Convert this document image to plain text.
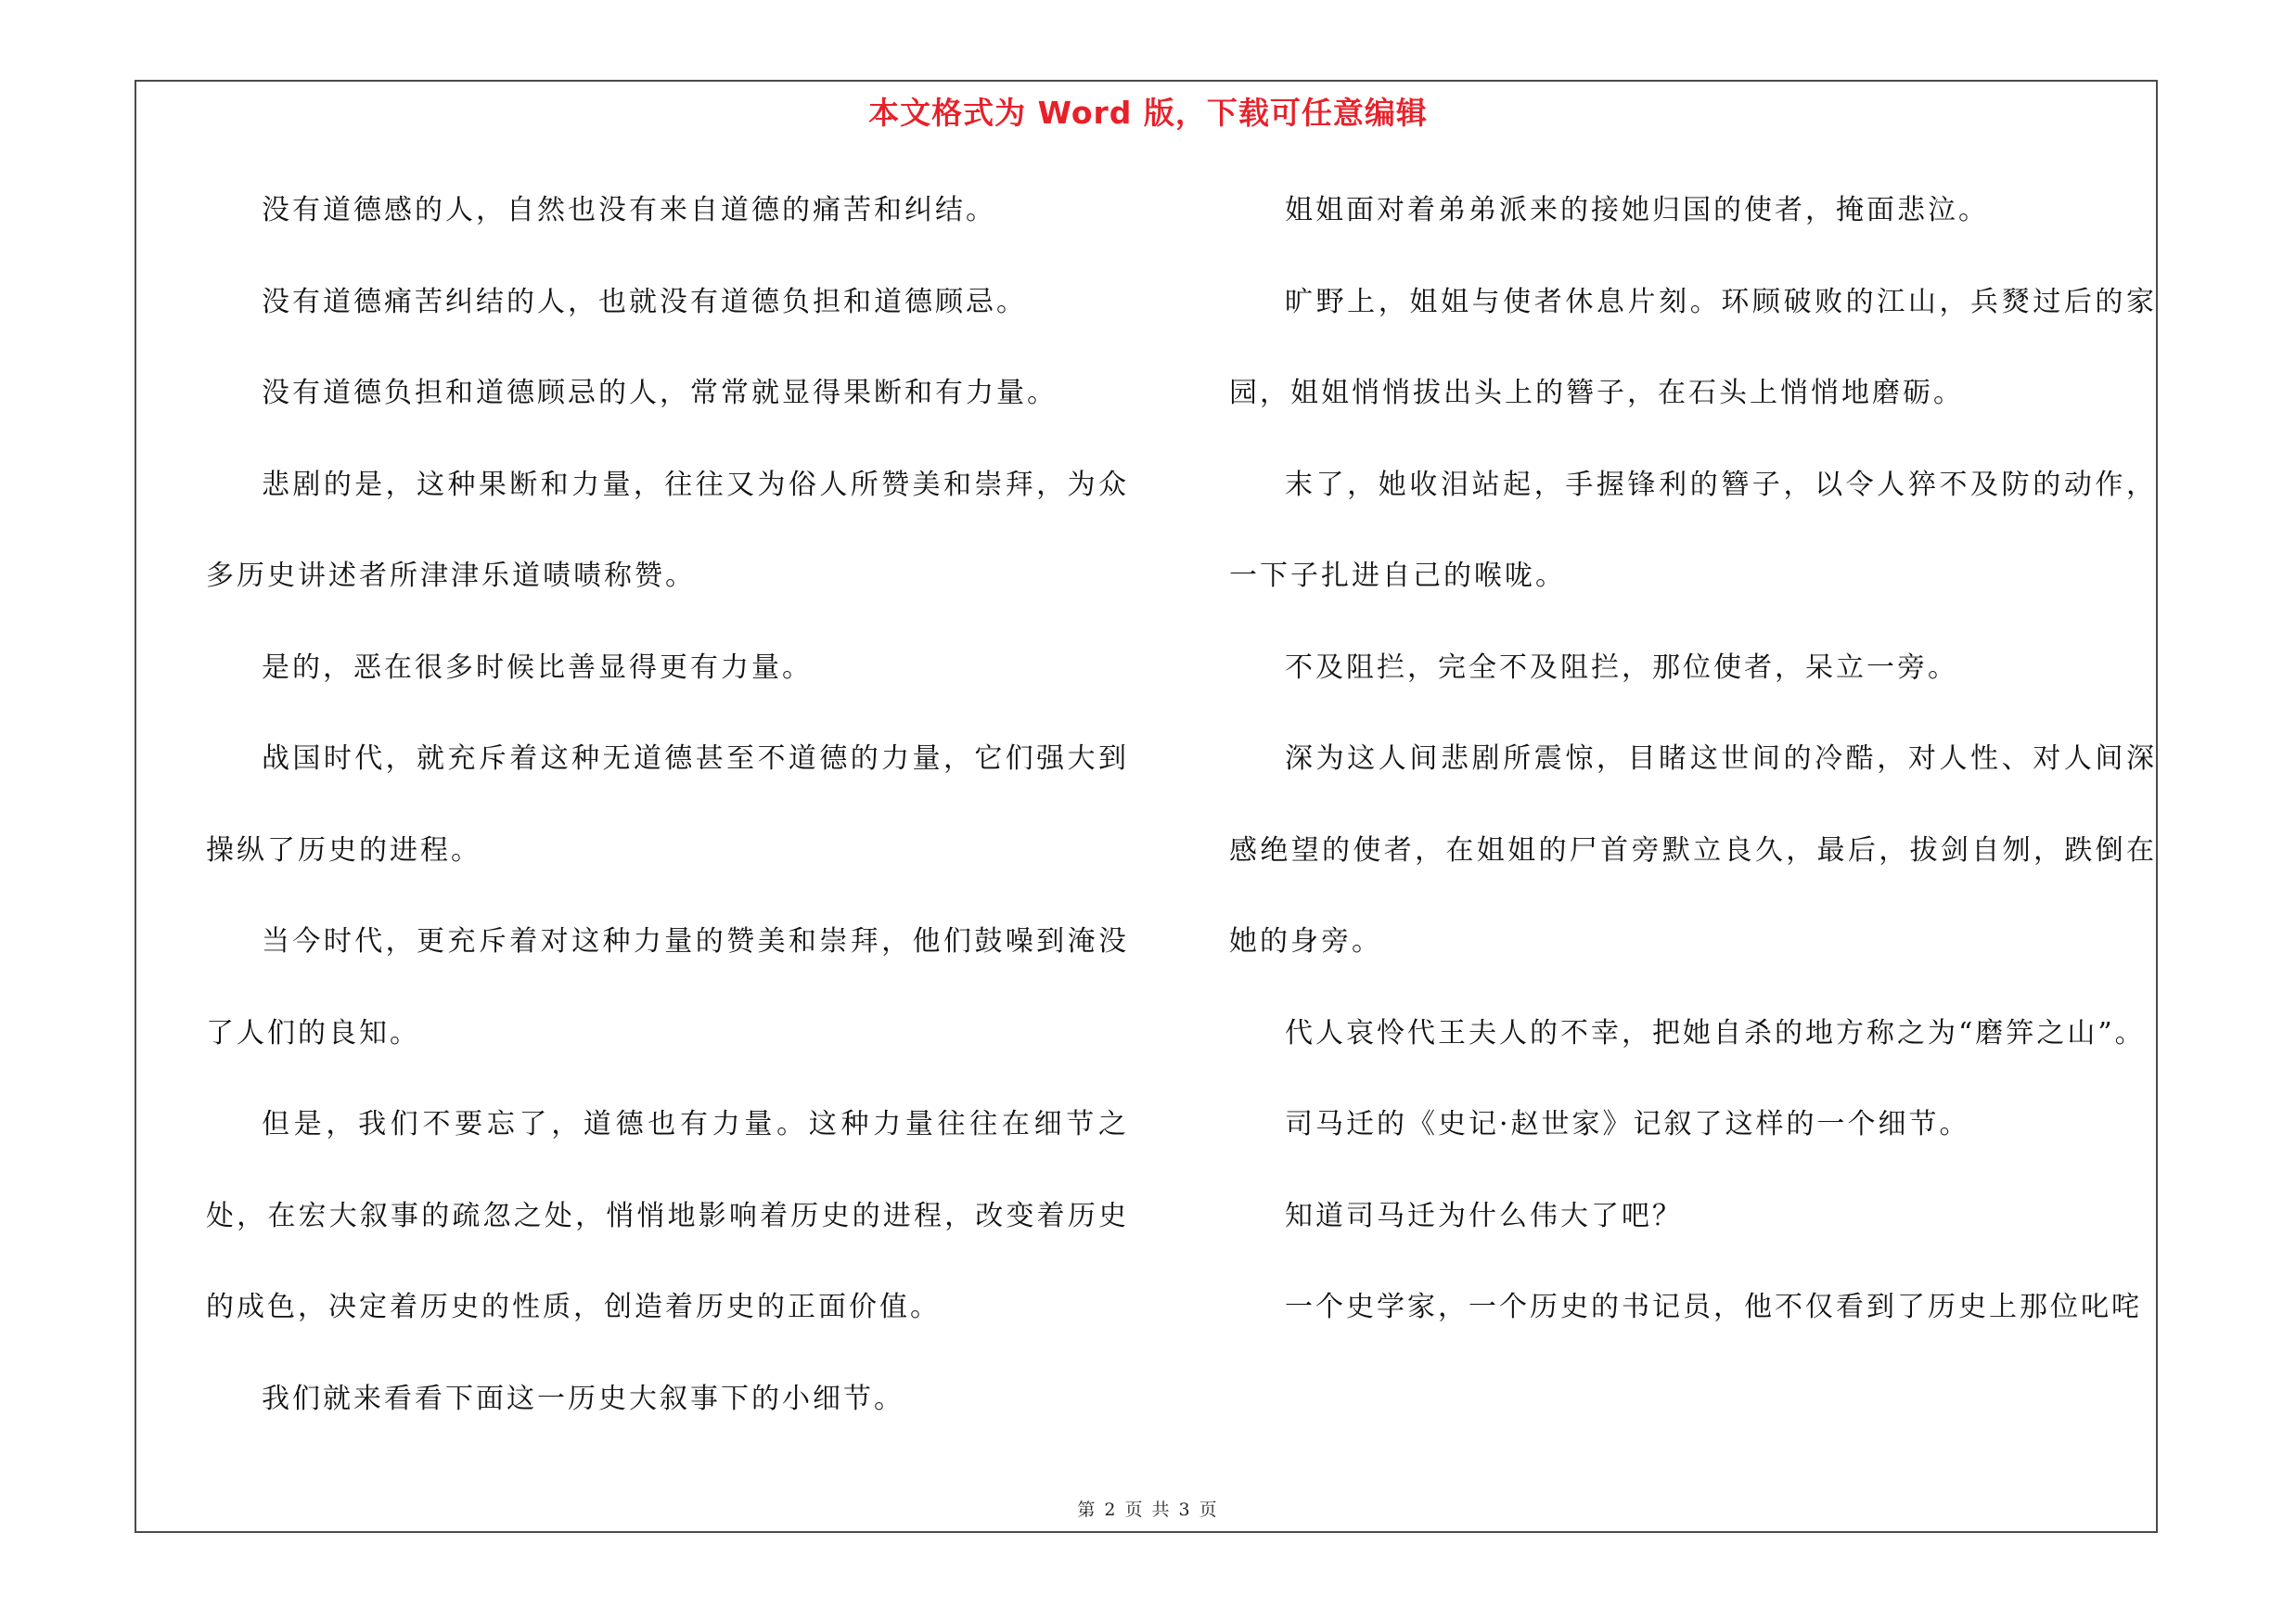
本文格式为 Word 版，下载可任意编辑

没有道德感的人，自然也没有来自道德的痛苦和纠结。

没有道德痛苦纠结的人，也就没有道德负担和道德顾忌。

没有道德负担和道德顾忌的人，常常就显得果断和有力量。

悲剧的是，这种果断和力量，往往又为俗人所赞美和崇拜，为众多历史讲述者所津津乐道啧啧称赞。

是的，恶在很多时候比善显得更有力量。

战国时代，就充斥着这种无道德甚至不道德的力量，它们强大到操纵了历史的进程。

当今时代，更充斥着对这种力量的赞美和崇拜，他们鼓噪到淹没了人们的良知。

但是，我们不要忘了，道德也有力量。这种力量往往在细节之处，在宏大叙事的疏忽之处，悄悄地影响着历史的进程，改变着历史的成色，决定着历史的性质，创造着历史的正面价值。

我们就来看看下面这一历史大叙事下的小细节。

姐姐面对着弟弟派来的接她归国的使者，掩面悲泣。

旷野上，姐姐与使者休息片刻。环顾破败的江山，兵燹过后的家园，姐姐悄悄拔出头上的簪子，在石头上悄悄地磨砺。

末了，她收泪站起，手握锋利的簪子，以令人猝不及防的动作，一下子扎进自己的喉咙。

不及阻拦，完全不及阻拦，那位使者，呆立一旁。

深为这人间悲剧所震惊，目睹这世间的冷酷，对人性、对人间深感绝望的使者，在姐姐的尸首旁默立良久，最后，拔剑自刎，跌倒在她的身旁。

代人哀怜代王夫人的不幸，把她自杀的地方称之为“磨笄之山”。

司马迁的《史记·赵世家》记叙了这样的一个细节。

知道司马迁为什么伟大了吧？

一个史学家，一个历史的书记员，他不仅看到了历史上那位叱咤

第 2 页 共 3 页
